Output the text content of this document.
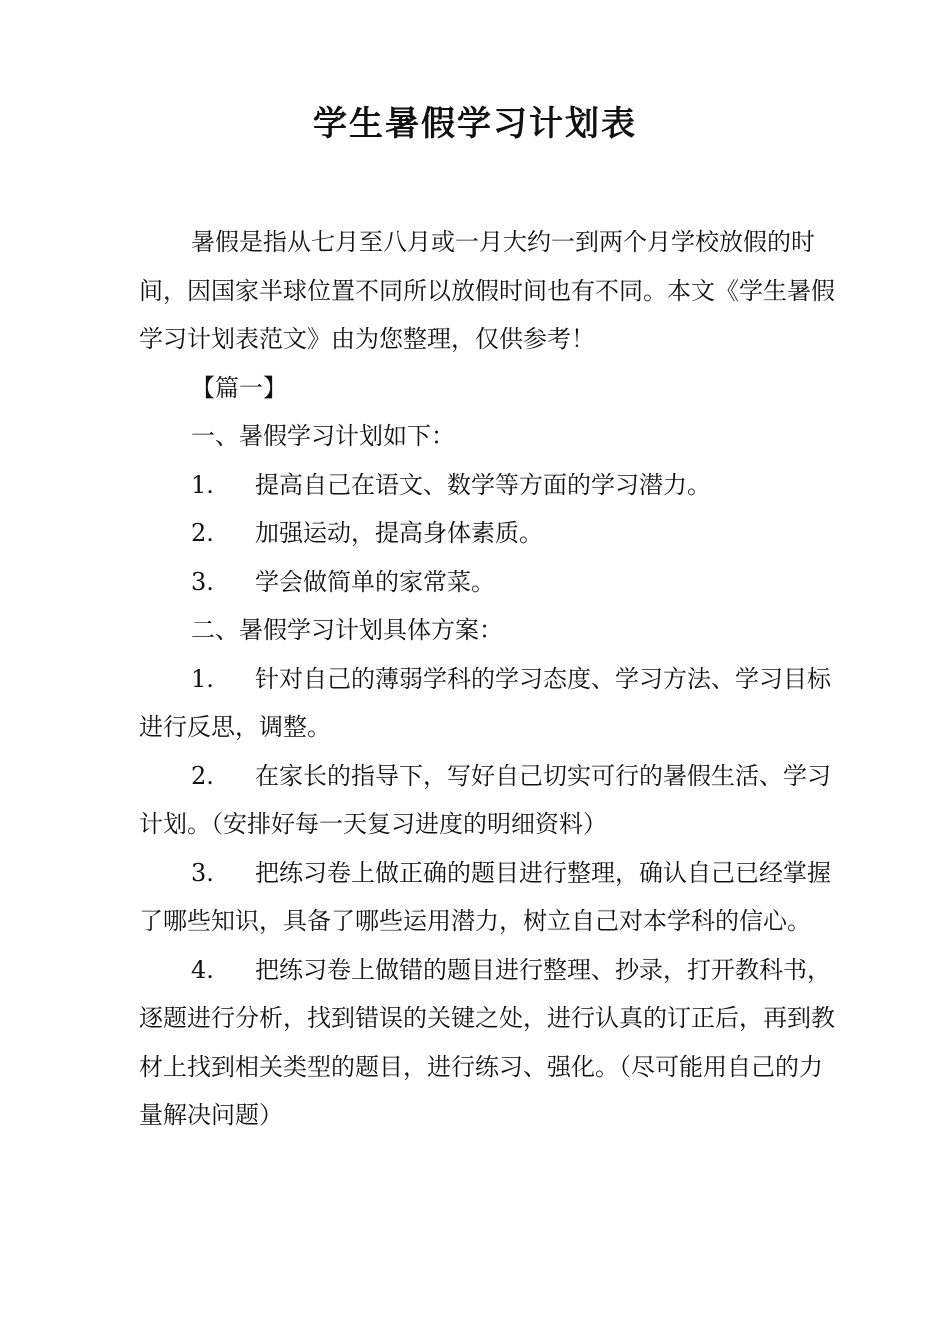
学生暑假学习计划表

暑假是指从七月至八月或一月大约一到两个月学校放假的时间，因国家半球位置不同所以放假时间也有不同。本文《学生暑假学习计划表范文》由为您整理，仅供参考！

【篇一】

一、暑假学习计划如下：

1. 提高自己在语文、数学等方面的学习潜力。

2. 加强运动，提高身体素质。

3. 学会做简单的家常菜。

二、暑假学习计划具体方案：

1. 针对自己的薄弱学科的学习态度、学习方法、学习目标进行反思，调整。

2. 在家长的指导下，写好自己切实可行的暑假生活、学习计划。（安排好每一天复习进度的明细资料）

3. 把练习卷上做正确的题目进行整理，确认自己已经掌握了哪些知识，具备了哪些运用潜力，树立自己对本学科的信心。

4. 把练习卷上做错的题目进行整理、抄录，打开教科书，逐题进行分析，找到错误的关键之处，进行认真的订正后，再到教材上找到相关类型的题目，进行练习、强化。（尽可能用自己的力量解决问题）
